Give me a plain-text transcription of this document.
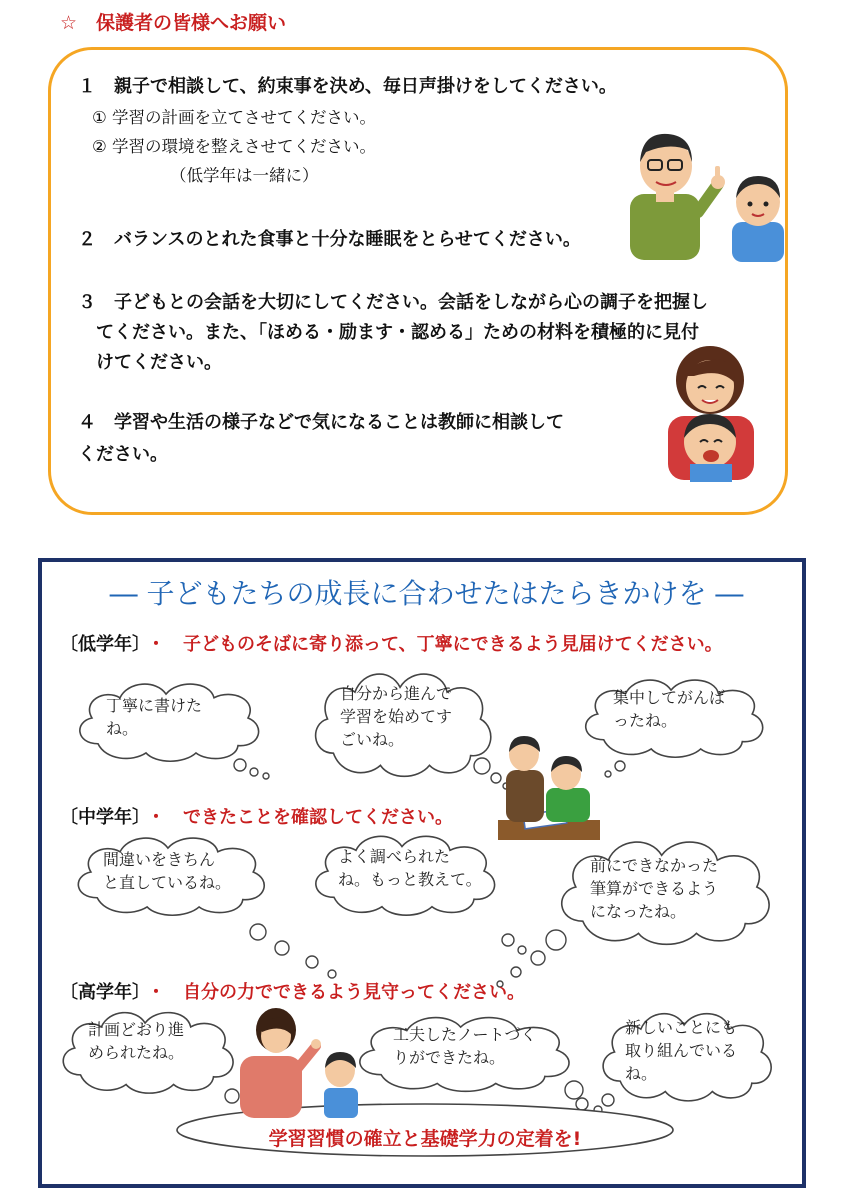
☆　保護者の皆様へお願い
１　親子で相談して、約束事を決め、毎日声掛けをしてください。
① 学習の計画を立てさせてください。
② 学習の環境を整えさせてください。
（低学年は一緒に）
２　バランスのとれた食事と十分な睡眠をとらせてください。
３　子どもとの会話を大切にしてください。会話をしながら心の調子を把握し
てください。また、「ほめる・励ます・認める」ための材料を積極的に見付
けてください。
４　学習や生活の様子などで気になることは教師に相談して
ください。
― 子どもたちの成長に合わせたはたらきかけを ―
〔低学年〕 ・　子どものそばに寄り添って、丁寧にできるよう見届けてください。
〔中学年〕 ・　できたことを確認してください。
〔高学年〕 ・　自分の力でできるよう見守ってください。
丁寧に書けた
ね。
自分から進んで
学習を始めてす
ごいね。
集中してがんば
ったね。
間違いをきちん
と直しているね。
よく調べられた
ね。もっと教えて。
前にできなかった
筆算ができるよう
になったね。
計画どおり進
められたね。
工夫したノートづく
りができたね。
新しいことにも
取り組んでいる
ね。
学習習慣の確立と基礎学力の定着を!
